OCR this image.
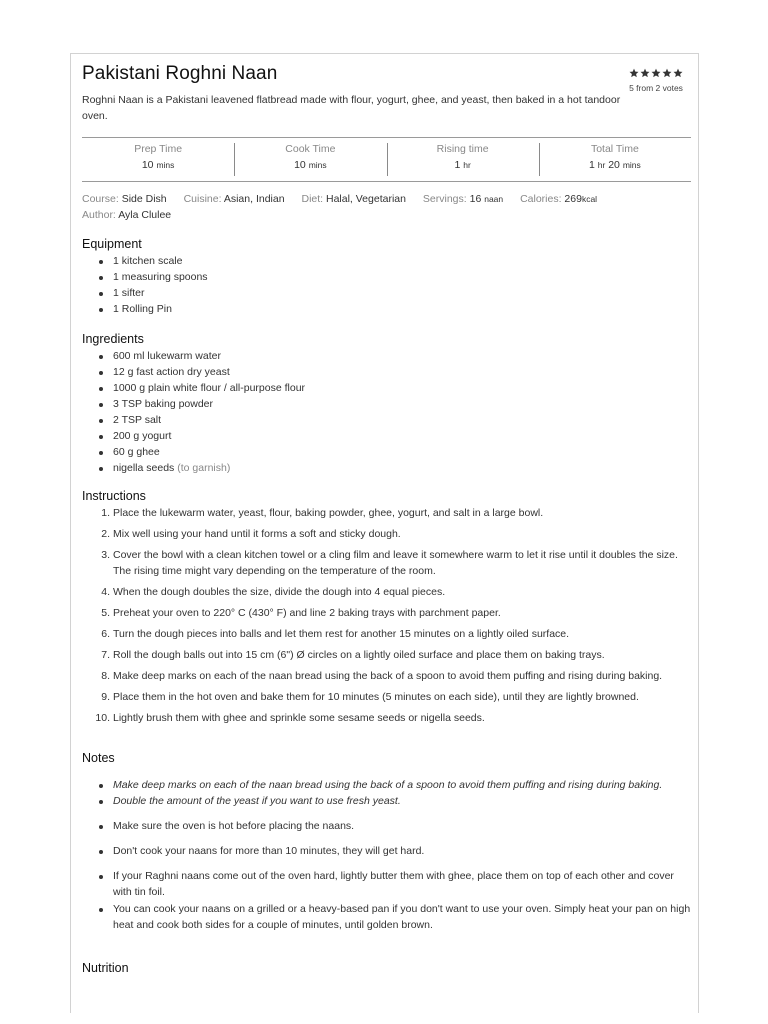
Pakistani Roghni Naan
5 from 2 votes

Roghni Naan is a Pakistani leavened flatbread made with flour, yogurt, ghee, and yeast, then baked in a hot tandoor oven.

Prep Time
10 mins
Cook Time
10 mins
Rising time
1 hr
Total Time
1 hr 20 mins
Course: Side Dish Cuisine: Asian, Indian Diet: Halal, Vegetarian Servings: 16 naan Calories: 269kcal
Author: Ayla Clulee
Equipment
1 kitchen scale
1 measuring spoons
1 sifter
1 Rolling Pin
Ingredients
600 ml lukewarm water
12 g fast action dry yeast
1000 g plain white flour / all-purpose flour
3 TSP baking powder
2 TSP salt
200 g yogurt
60 g ghee
nigella seeds (to garnish)
Instructions
1. Place the lukewarm water, yeast, flour, baking powder, ghee, yogurt, and salt in a large bowl.
2. Mix well using your hand until it forms a soft and sticky dough.
3. Cover the bowl with a clean kitchen towel or a cling film and leave it somewhere warm to let it rise until it doubles the size. The rising time might vary depending on the temperature of the room.
4. When the dough doubles the size, divide the dough into 4 equal pieces.
5. Preheat your oven to 220° C (430° F) and line 2 baking trays with parchment paper.
6. Turn the dough pieces into balls and let them rest for another 15 minutes on a lightly oiled surface.
7. Roll the dough balls out into 15 cm (6") Ø circles on a lightly oiled surface and place them on baking trays.
8. Make deep marks on each of the naan bread using the back of a spoon to avoid them puffing and rising during baking.
9. Place them in the hot oven and bake them for 10 minutes (5 minutes on each side), until they are lightly browned.
10. Lightly brush them with ghee and sprinkle some sesame seeds or nigella seeds.
Notes
Make deep marks on each of the naan bread using the back of a spoon to avoid them puffing and rising during baking.
Double the amount of the yeast if you want to use fresh yeast.
Make sure the oven is hot before placing the naans.
Don't cook your naans for more than 10 minutes, they will get hard.
If your Raghni naans come out of the oven hard, lightly butter them with ghee, place them on top of each other and cover with tin foil.
You can cook your naans on a grilled or a heavy-based pan if you don't want to use your oven. Simply heat your pan on high heat and cook both sides for a couple of minutes, until golden brown.
Nutrition
